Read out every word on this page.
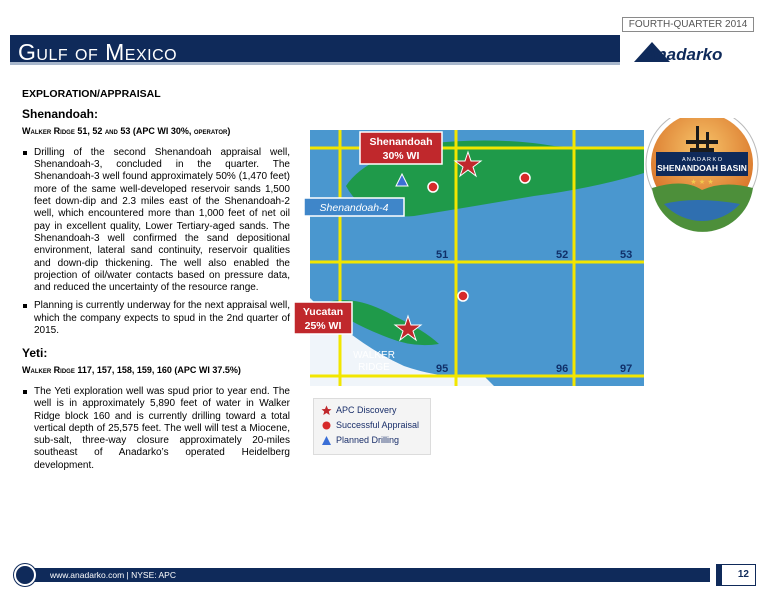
FOURTH-QUARTER 2014
Gulf of Mexico	Anadarko
EXPLORATION/APPRAISAL
Shenandoah:
Walker Ridge 51, 52 and 53 (APC WI 30%, operator)
Drilling of the second Shenandoah appraisal well, Shenandoah-3, concluded in the quarter. The Shenandoah-3 well found approximately 50% (1,470 feet) more of the same well-developed reservoir sands 1,500 feet down-dip and 2.3 miles east of the Shenandoah-2 well, which encountered more than 1,000 feet of net oil pay in excellent quality, Lower Tertiary-aged sands. The Shenandoah-3 well confirmed the sand depositional environment, lateral sand continuity, reservoir qualities and down-dip thickening. The well also enabled the projection of oil/water contacts based on pressure data, and reduced the uncertainty of the resource range.
Planning is currently underway for the next appraisal well, which the company expects to spud in the 2nd quarter of 2015.
Yeti:
Walker Ridge 117, 157, 158, 159, 160 (APC WI 37.5%)
The Yeti exploration well was spud prior to year end. The well is in approximately 5,890 feet of water in Walker Ridge block 160 and is currently drilling toward a total vertical depth of 25,575 feet. The well will test a Miocene, sub-salt, three-way closure approximately 20-miles southeast of Anadarko’s operated Heidelberg development.
51	52	53
95	96	97
WALKER
RIDGE
Shenandoah
30% WI
Shenandoah-4
Yucatan
25% WI
A N A D A R K O
SHENANDOAH BASIN
★ ★ ★
APC Discovery
Successful Appraisal
Planned Drilling
www.anadarko.com | NYSE: APC	12
